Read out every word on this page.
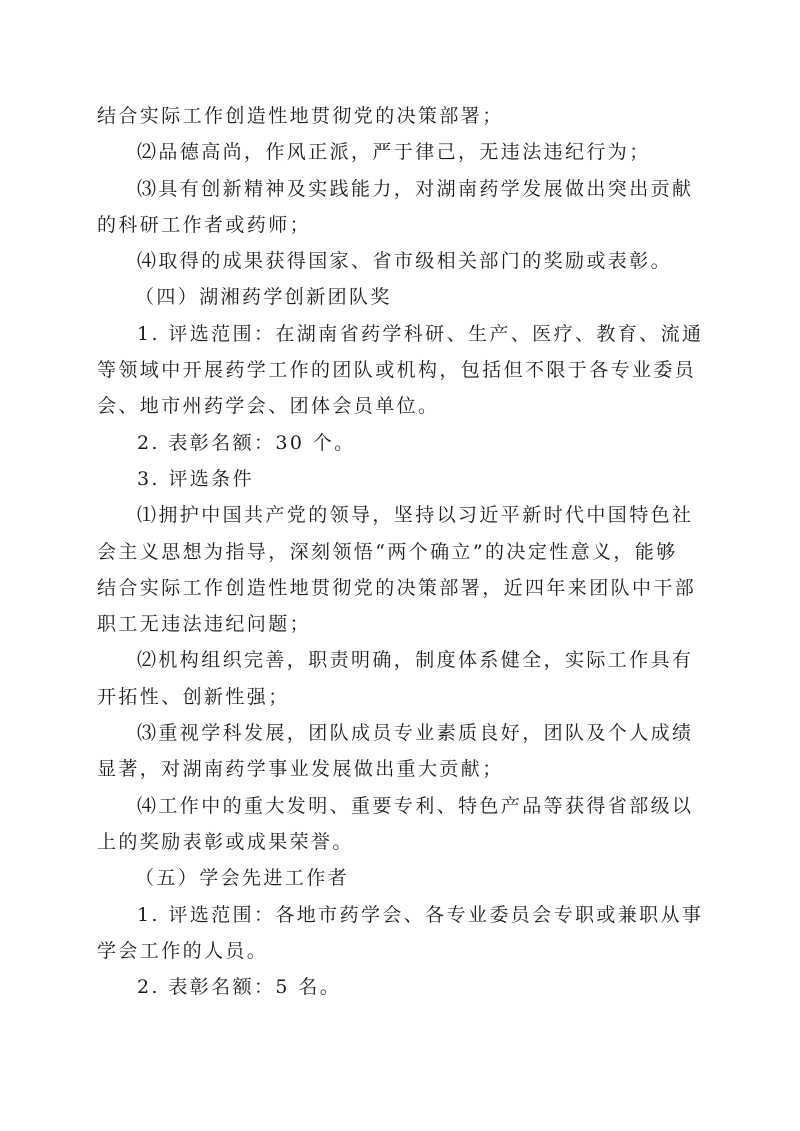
结合实际工作创造性地贯彻党的决策部署；
⑵品德高尚，作风正派，严于律己，无违法违纪行为；
⑶具有创新精神及实践能力，对湖南药学发展做出突出贡献
的科研工作者或药师；
⑷取得的成果获得国家、省市级相关部门的奖励或表彰。
（四）湖湘药学创新团队奖
1. 评选范围：在湖南省药学科研、生产、医疗、教育、流通
等领域中开展药学工作的团队或机构，包括但不限于各专业委员
会、地市州药学会、团体会员单位。
2. 表彰名额：30 个。
3. 评选条件
⑴拥护中国共产党的领导，坚持以习近平新时代中国特色社
会主义思想为指导，深刻领悟“两个确立”的决定性意义，能够
结合实际工作创造性地贯彻党的决策部署，近四年来团队中干部
职工无违法违纪问题；
⑵机构组织完善，职责明确，制度体系健全，实际工作具有
开拓性、创新性强；
⑶重视学科发展，团队成员专业素质良好，团队及个人成绩
显著，对湖南药学事业发展做出重大贡献；
⑷工作中的重大发明、重要专利、特色产品等获得省部级以
上的奖励表彰或成果荣誉。
（五）学会先进工作者
1. 评选范围：各地市药学会、各专业委员会专职或兼职从事
学会工作的人员。
2. 表彰名额：5 名。
